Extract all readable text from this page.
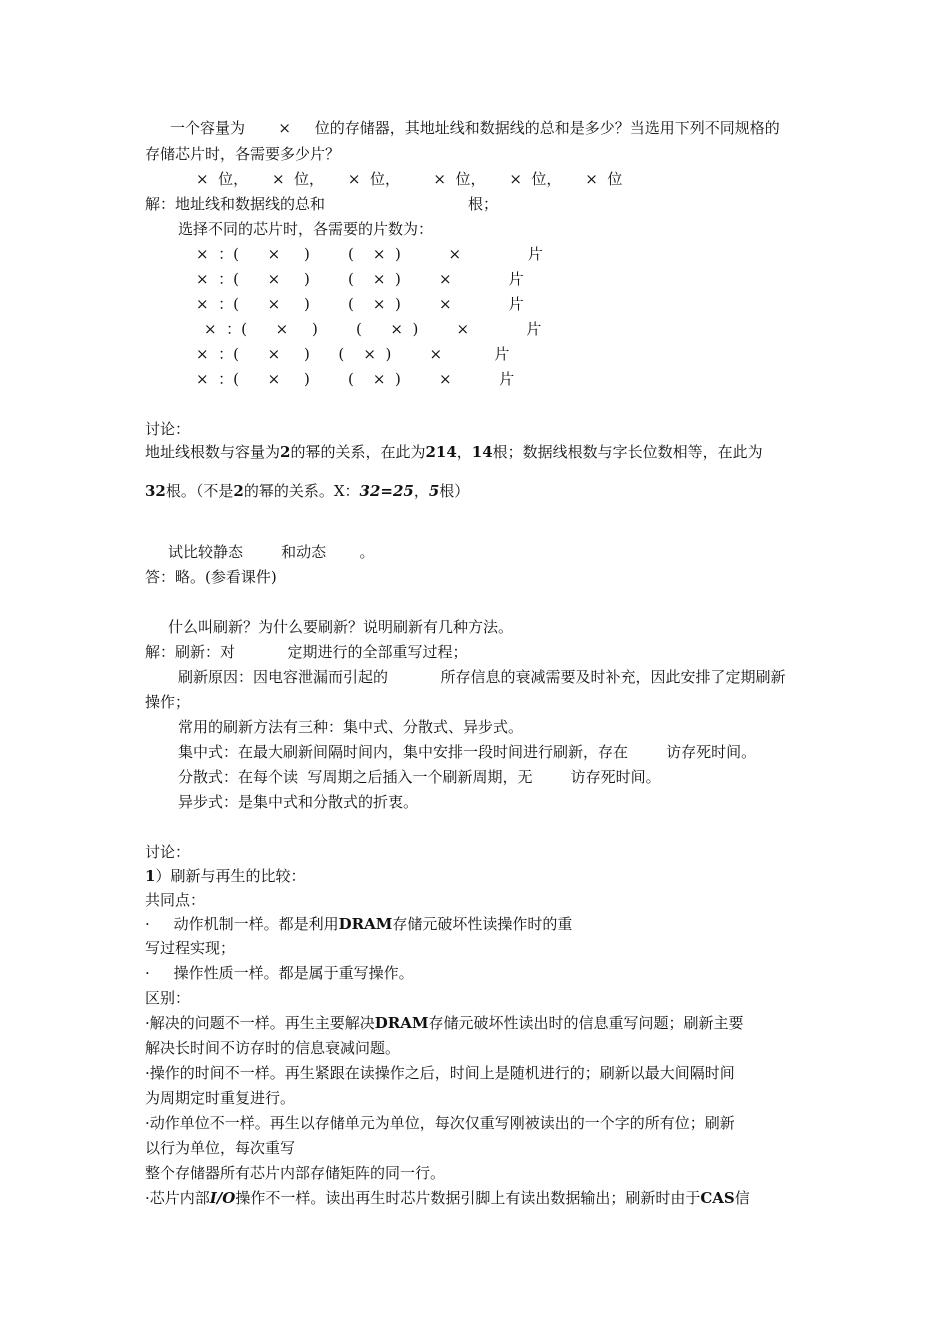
一个容量为       ×     位的存储器，其地址线和数据线的总和是多少？当选用下列不同规格的
存储芯片时，各需要多少片？
×  位，     ×  位，     ×  位，       ×  位，     ×  位，     ×  位
解：地址线和数据线的总和                              根；
选择不同的芯片时，各需要的片数为：
×  ：(      ×     )        (    ×  )          ×              片
×  ：(      ×     )        (    ×  )        ×            片
×  ：(      ×     )        (    ×  )        ×            片
×  ：(      ×     )        (      ×  )        ×            片
×  ：(      ×     )      (    ×  )        ×           片
×  ：(      ×     )        (    ×  )        ×          片
讨论：
地址线根数与容量为2的幂的关系，在此为214，14根；数据线根数与字长位数相等，在此为
32根。（不是2的幂的关系。X：32=25，5根）
试比较静态        和动态       。
答：略。(参看课件)
什么叫刷新？为什么要刷新？说明刷新有几种方法。
解：刷新：对           定期进行的全部重写过程；
刷新原因：因电容泄漏而引起的           所存信息的衰减需要及时补充，因此安排了定期刷新
操作；
常用的刷新方法有三种：集中式、分散式、异步式。
集中式：在最大刷新间隔时间内，集中安排一段时间进行刷新，存在        访存死时间。
分散式：在每个读  写周期之后插入一个刷新周期，无        访存死时间。
异步式：是集中式和分散式的折衷。
讨论：
1）刷新与再生的比较：
共同点：
·     动作机制一样。都是利用DRAM存储元破坏性读操作时的重
写过程实现；
·     操作性质一样。都是属于重写操作。
区别：
·解决的问题不一样。再生主要解决DRAM存储元破坏性读出时的信息重写问题；刷新主要
解决长时间不访存时的信息衰减问题。
·操作的时间不一样。再生紧跟在读操作之后，时间上是随机进行的；刷新以最大间隔时间
为周期定时重复进行。
·动作单位不一样。再生以存储单元为单位，每次仅重写刚被读出的一个字的所有位；刷新
以行为单位，每次重写
整个存储器所有芯片内部存储矩阵的同一行。
·芯片内部I/O操作不一样。读出再生时芯片数据引脚上有读出数据输出；刷新时由于CAS信
